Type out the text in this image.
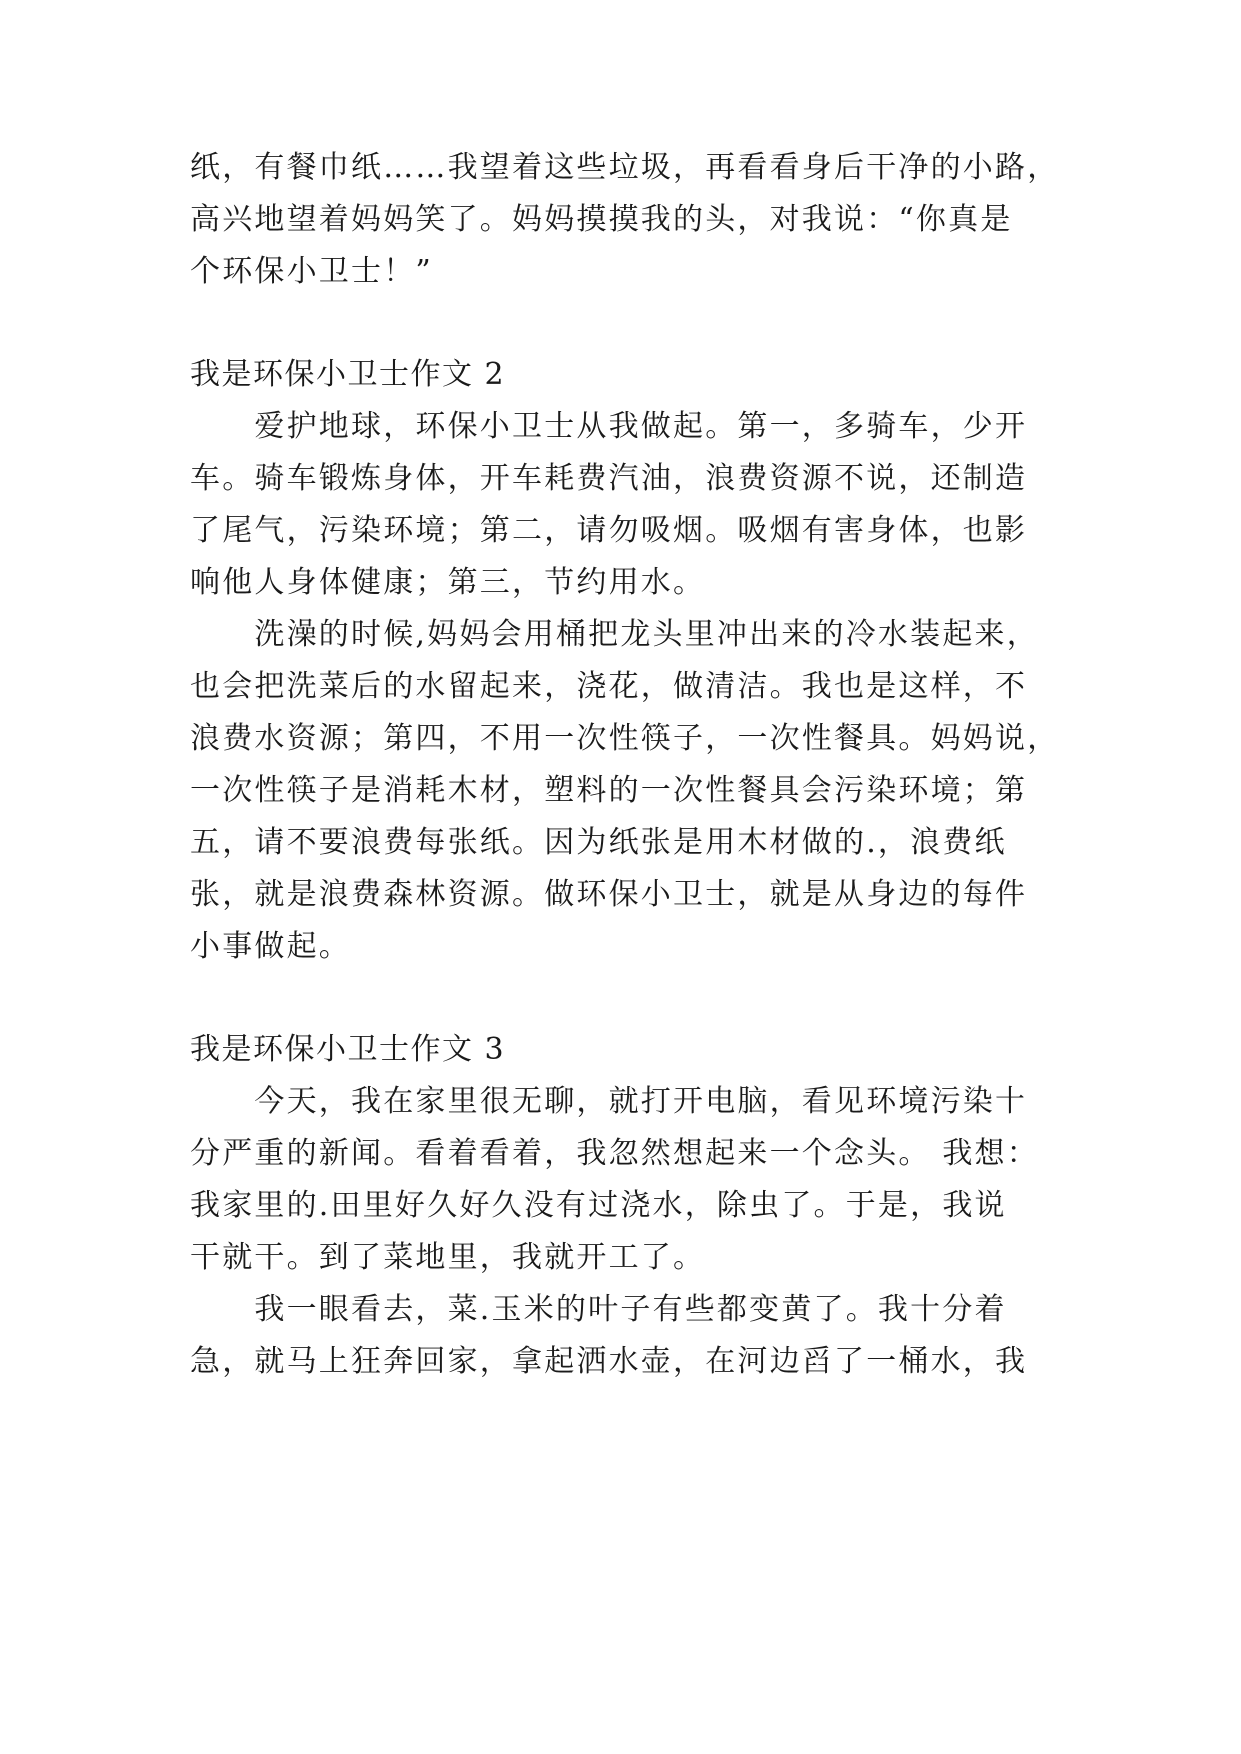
纸，有餐巾纸……我望着这些垃圾，再看看身后干净的小路，
高兴地望着妈妈笑了。妈妈摸摸我的头，对我说：“你真是
个环保小卫士！”
我是环保小卫士作文 2
　　爱护地球，环保小卫士从我做起。第一，多骑车，少开
车。骑车锻炼身体，开车耗费汽油，浪费资源不说，还制造
了尾气，污染环境；第二，请勿吸烟。吸烟有害身体，也影
响他人身体健康；第三，节约用水。
　　洗澡的时候,妈妈会用桶把龙头里冲出来的冷水装起来，
也会把洗菜后的水留起来，浇花，做清洁。我也是这样，不
浪费水资源；第四，不用一次性筷子，一次性餐具。妈妈说，
一次性筷子是消耗木材，塑料的一次性餐具会污染环境；第
五，请不要浪费每张纸。因为纸张是用木材做的.，浪费纸
张，就是浪费森林资源。做环保小卫士，就是从身边的每件
小事做起。
我是环保小卫士作文 3
　　今天，我在家里很无聊，就打开电脑，看见环境污染十
分严重的新闻。看着看着，我忽然想起来一个念头。 我想：
我家里的.田里好久好久没有过浇水，除虫了。于是，我说
干就干。到了菜地里，我就开工了。
　　我一眼看去，菜.玉米的叶子有些都变黄了。我十分着
急，就马上狂奔回家，拿起洒水壶，在河边舀了一桶水，我
